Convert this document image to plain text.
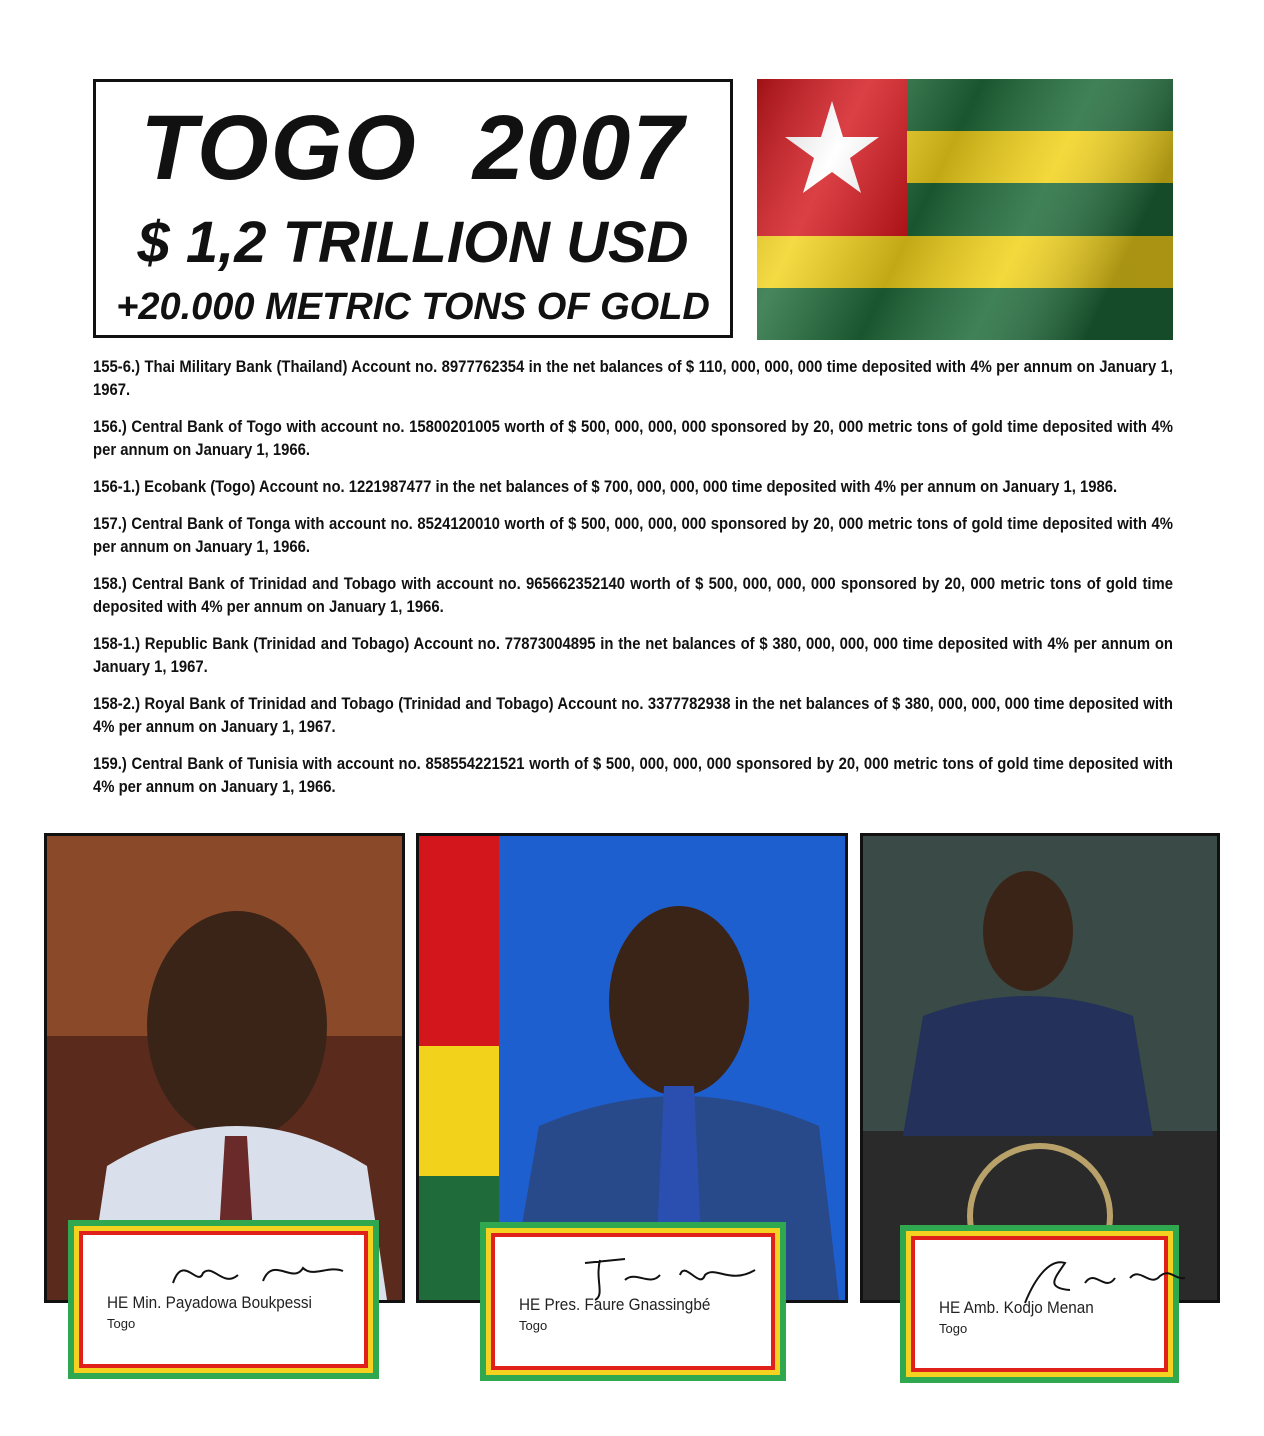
TOGO  2007
$ 1,2 TRILLION USD
+20.000 METRIC TONS OF GOLD

155-6.) Thai Military Bank (Thailand) Account no. 8977762354 in the net balances of $ 110, 000, 000, 000 time deposited with 4% per annum on January 1, 1967.

156.) Central Bank of Togo with account no. 15800201005 worth of $ 500, 000, 000, 000 sponsored by 20, 000 metric tons of gold time deposited with 4% per annum on January 1, 1966.

156-1.) Ecobank (Togo) Account no. 1221987477 in the net balances of $ 700, 000, 000, 000 time deposited with 4% per annum on January 1, 1986.

157.) Central Bank of Tonga with account no. 8524120010 worth of $ 500, 000, 000, 000 sponsored by 20, 000 metric tons of gold time deposited with 4% per annum on January 1, 1966.

158.) Central Bank of Trinidad and Tobago with account no. 965662352140 worth of $ 500, 000, 000, 000 sponsored by 20, 000 metric tons of gold time deposited with 4% per annum on January 1, 1966.

158-1.) Republic Bank (Trinidad and Tobago) Account no. 77873004895 in the net balances of $ 380, 000, 000, 000 time deposited with 4% per annum on January 1, 1967.

158-2.) Royal Bank of Trinidad and Tobago (Trinidad and Tobago) Account no. 3377782938 in the net balances of $ 380, 000, 000, 000 time deposited with 4% per annum on January 1, 1967.

159.) Central Bank of Tunisia with account no. 858554221521 worth of $ 500, 000, 000, 000 sponsored by 20, 000 metric tons of gold time deposited with 4% per annum on January 1, 1966.

HE Min. Payadowa Boukpessi
Togo
HE Pres. Faure Gnassingbé
Togo
HE Amb. Kodjo Menan
Togo
